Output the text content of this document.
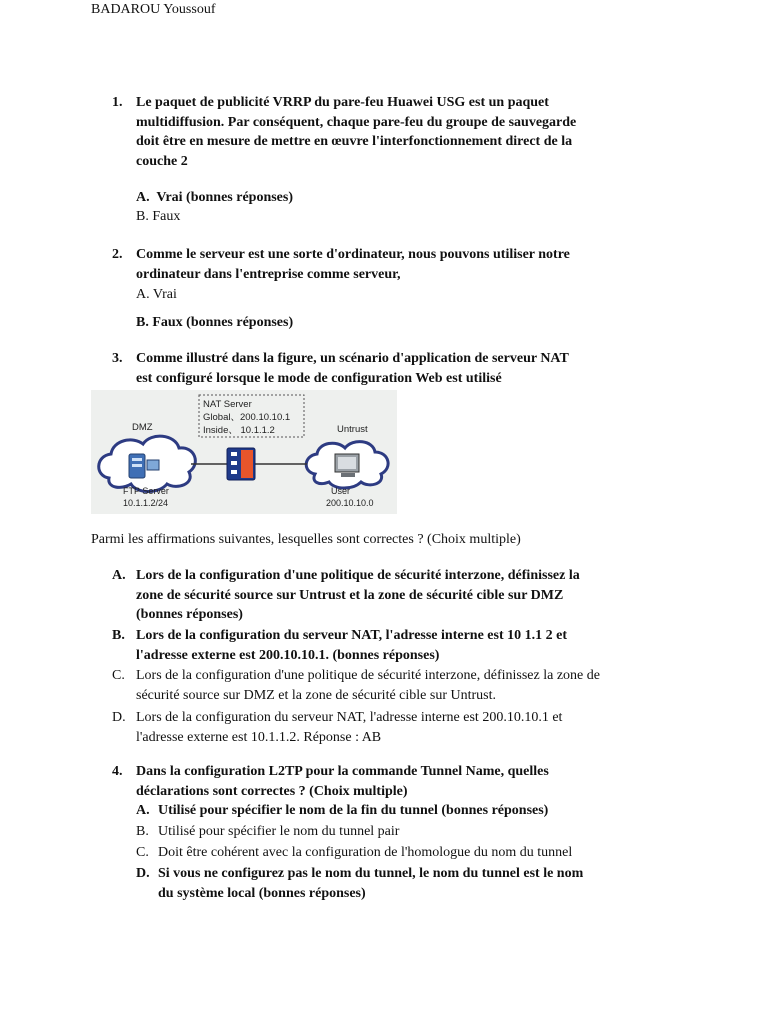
BADAROU Youssouf
1. Le paquet de publicité VRRP du pare-feu Huawei USG est un paquet
multidiffusion. Par conséquent, chaque pare-feu du groupe de sauvegarde
doit être en mesure de mettre en œuvre l'interfonctionnement direct de la
couche 2
A. Vrai (bonnes réponses)
B. Faux
2. Comme le serveur est une sorte d'ordinateur, nous pouvons utiliser notre
ordinateur dans l'entreprise comme serveur,
A. Vrai
B. Faux (bonnes réponses)
3. Comme illustré dans la figure, un scénario d'application de serveur NAT
est configuré lorsque le mode de configuration Web est utilisé
NAT Server
Global、200.10.10.1
Inside、 10.1.1.2
DMZ	Untrust
FTP Server
10.1.1.2/24
User
200.10.10.0
Parmi les affirmations suivantes, lesquelles sont correctes ? (Choix multiple)
A. Lors de la configuration d'une politique de sécurité interzone, définissez la
zone de sécurité source sur Untrust et la zone de sécurité cible sur DMZ
(bonnes réponses)
B. Lors de la configuration du serveur NAT, l'adresse interne est 10 1.1 2 et
l'adresse externe est 200.10.10.1. (bonnes réponses)
C. Lors de la configuration d'une politique de sécurité interzone, définissez la zone de
sécurité source sur DMZ et la zone de sécurité cible sur Untrust.
D. Lors de la configuration du serveur NAT, l'adresse interne est 200.10.10.1 et
l'adresse externe est 10.1.1.2. Réponse : AB
4. Dans la configuration L2TP pour la commande Tunnel Name, quelles
déclarations sont correctes ? (Choix multiple)
A. Utilisé pour spécifier le nom de la fin du tunnel (bonnes réponses)
B. Utilisé pour spécifier le nom du tunnel pair
C. Doit être cohérent avec la configuration de l'homologue du nom du tunnel
D. Si vous ne configurez pas le nom du tunnel, le nom du tunnel est le nom
du système local (bonnes réponses)
